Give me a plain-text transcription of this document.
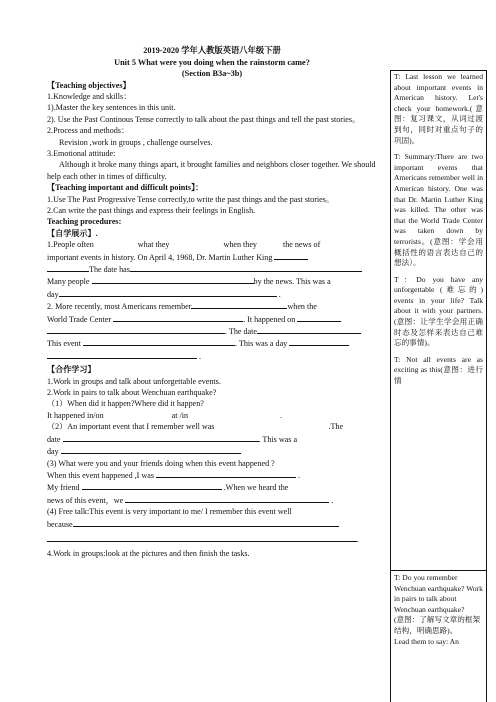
2019-2020 学年人教版英语八年级下册
Unit 5 What were you doing when the rainstorm came?
(Section B3a~3b)

【Teaching objectives】

1.Knowledge and skills：

1).Master the key sentences in this unit.

2). Use the Past Continous Tense correctly to talk about the past things and tell the past stories。

2.Process and methods：

Revision ,work in groups , challenge ourselves.

3.Emotional attitude:

Although it broke many things apart, it brought families and neighbors closer together. We should help each other in times of difficulty.

【Teaching important and difficult points】：

1.Use The Past Progressive Tense correctly,to write the past things and the past stories。

2.Can write the past things and express their feelings in English.

Teaching procedures:

【自学展示】.

1.People often	what they	when they	the news of

important events in history. On April 4, 1968, Dr. Martin Luther King

The date has

Many people	by the news. This was a

day	.

2. More recently, most Americans remember	when the

World Trade Center	. It happened on

. The date

This event	. This was a day

.

【合作学习】

1.Work in groups and talk about unforgettable events.

2.Work in pairs to talk about Wenchuan earthquake?

（1）When did it happen?Where did it happen?

It happened in/on	at /in	.

（2）An important event that I remember well was	.The

date	. This was a

day

(3) What were you and your friends doing when this event happened ?

When this event happened ,I was	.

My friend	.When we heard the

news of this event，we	.

(4) Free talk:This event is very important to me/ I remember this event well

because

.

4.Work in groups:look at the pictures and then finish the tasks.

T: Last lesson we learned about important events in American history. Let's check your homework.(意图：复习课文，从词过渡到句，同时对重点句子的巩固)。

T: Summary:There are two important events that Americans remember well in American history. One was that Dr. Martin Luther King was killed. The other was that the World Trade Center was taken down by terrorists。(意图：学会用概括性的语言表达自己的想法）。

T：Do you have any unforgettable (难忘的) events in your life? Talk about it with your partners.(意图：让学生学会用正确时态及怎样来表达自己难忘的事情)。

T: Not all events are as exciting as this(意图：进行情

T: Do you remember Wenchuan earthquake? Work in pairs to talk about Wenchuan earthquake?

(意图：了解写文章的框架结构，明确思路)。

Lead them to say: An
